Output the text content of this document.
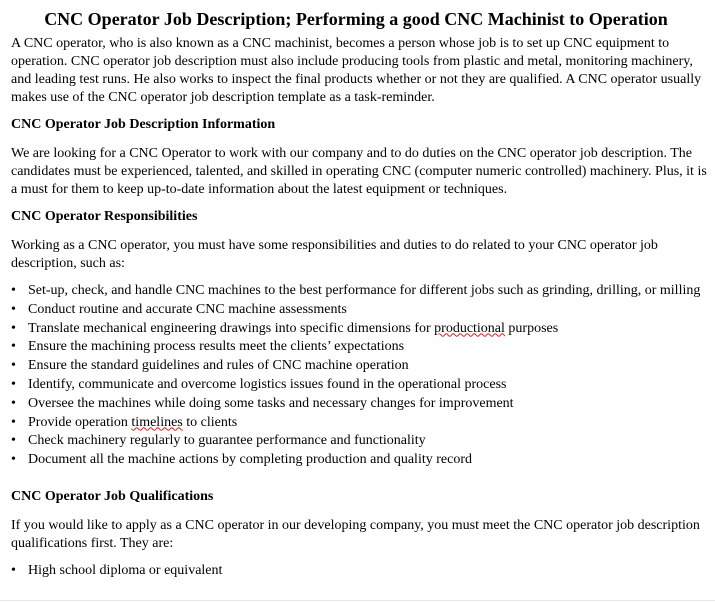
CNC Operator Job Description; Performing a good CNC Machinist to Operation

A CNC operator, who is also known as a CNC machinist, becomes a person whose job is to set up CNC equipment to operation. CNC operator job description must also include producing tools from plastic and metal, monitoring machinery, and leading test runs. He also works to inspect the final products whether or not they are qualified. A CNC operator usually makes use of the CNC operator job description template as a task-reminder.

CNC Operator Job Description Information

We are looking for a CNC Operator to work with our company and to do duties on the CNC operator job description. The candidates must be experienced, talented, and skilled in operating CNC (computer numeric controlled) machinery. Plus, it is a must for them to keep up-to-date information about the latest equipment or techniques.

CNC Operator Responsibilities

Working as a CNC operator, you must have some responsibilities and duties to do related to your CNC operator job description, such as:

• Set-up, check, and handle CNC machines to the best performance for different jobs such as grinding, drilling, or milling
• Conduct routine and accurate CNC machine assessments
• Translate mechanical engineering drawings into specific dimensions for productional purposes
• Ensure the machining process results meet the clients’ expectations
• Ensure the standard guidelines and rules of CNC machine operation
• Identify, communicate and overcome logistics issues found in the operational process
• Oversee the machines while doing some tasks and necessary changes for improvement
• Provide operation timelines to clients
• Check machinery regularly to guarantee performance and functionality
• Document all the machine actions by completing production and quality record
CNC Operator Job Qualifications

If you would like to apply as a CNC operator in our developing company, you must meet the CNC operator job description qualifications first. They are:

• High school diploma or equivalent
